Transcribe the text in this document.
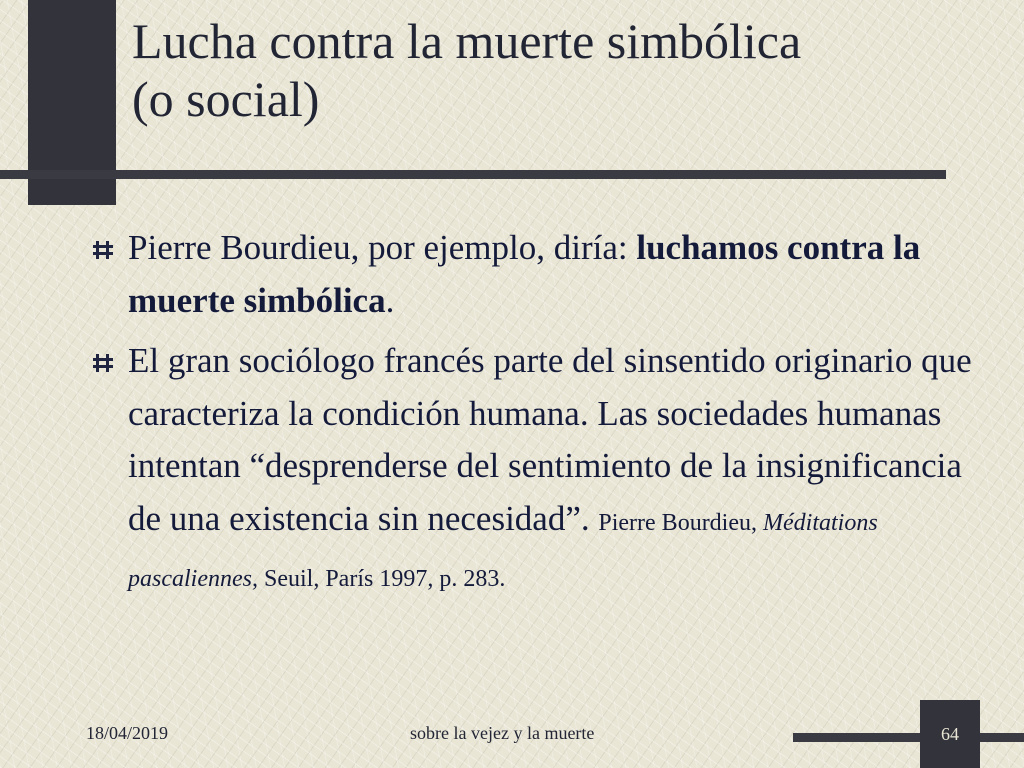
Lucha contra la muerte simbólica
(o social)
Pierre Bourdieu, por ejemplo, diría: luchamos contra la muerte simbólica.
El gran sociólogo francés parte del sinsentido originario que caracteriza la condición humana. Las sociedades humanas intentan “desprenderse del sentimiento de la insignificancia de una existencia sin necesidad”. Pierre Bourdieu, Méditations pascaliennes, Seuil, París 1997, p. 283.
18/04/2019	sobre la vejez y la muerte	64
